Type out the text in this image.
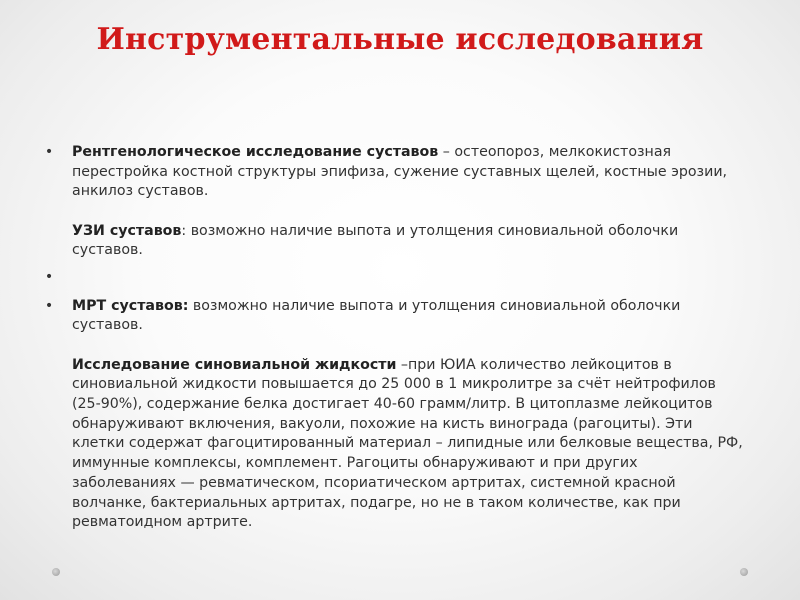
Инструментальные исследования
• Рентгенологическое исследование суставов – остеопороз, мелкокистозная перестройка костной структуры эпифиза, сужение суставных щелей, костные эрозии, анкилоз суставов.

УЗИ суставов: возможно наличие выпота и утолщения синовиальной оболочки суставов.

•
• МРТ суставов: возможно наличие выпота и утолщения синовиальной оболочки суставов.

Исследование синовиальной жидкости –при ЮИА количество лейкоцитов в синовиальной жидкости повышается до 25 000 в 1 микролитре за счёт нейтрофилов (25-90%), содержание белка достигает 40-60 грамм/литр. В цитоплазме лейкоцитов обнаруживают включения, вакуоли, похожие на кисть винограда (рагоциты). Эти клетки содержат фагоцитированный материал – липидные или белковые вещества, РФ, иммунные комплексы, комплемент. Рагоциты обнаруживают и при других заболеваниях — ревматическом, псориатическом артритах, системной красной волчанке, бактериальных артритах, подагре, но не в таком количестве, как при ревматоидном артрите.
